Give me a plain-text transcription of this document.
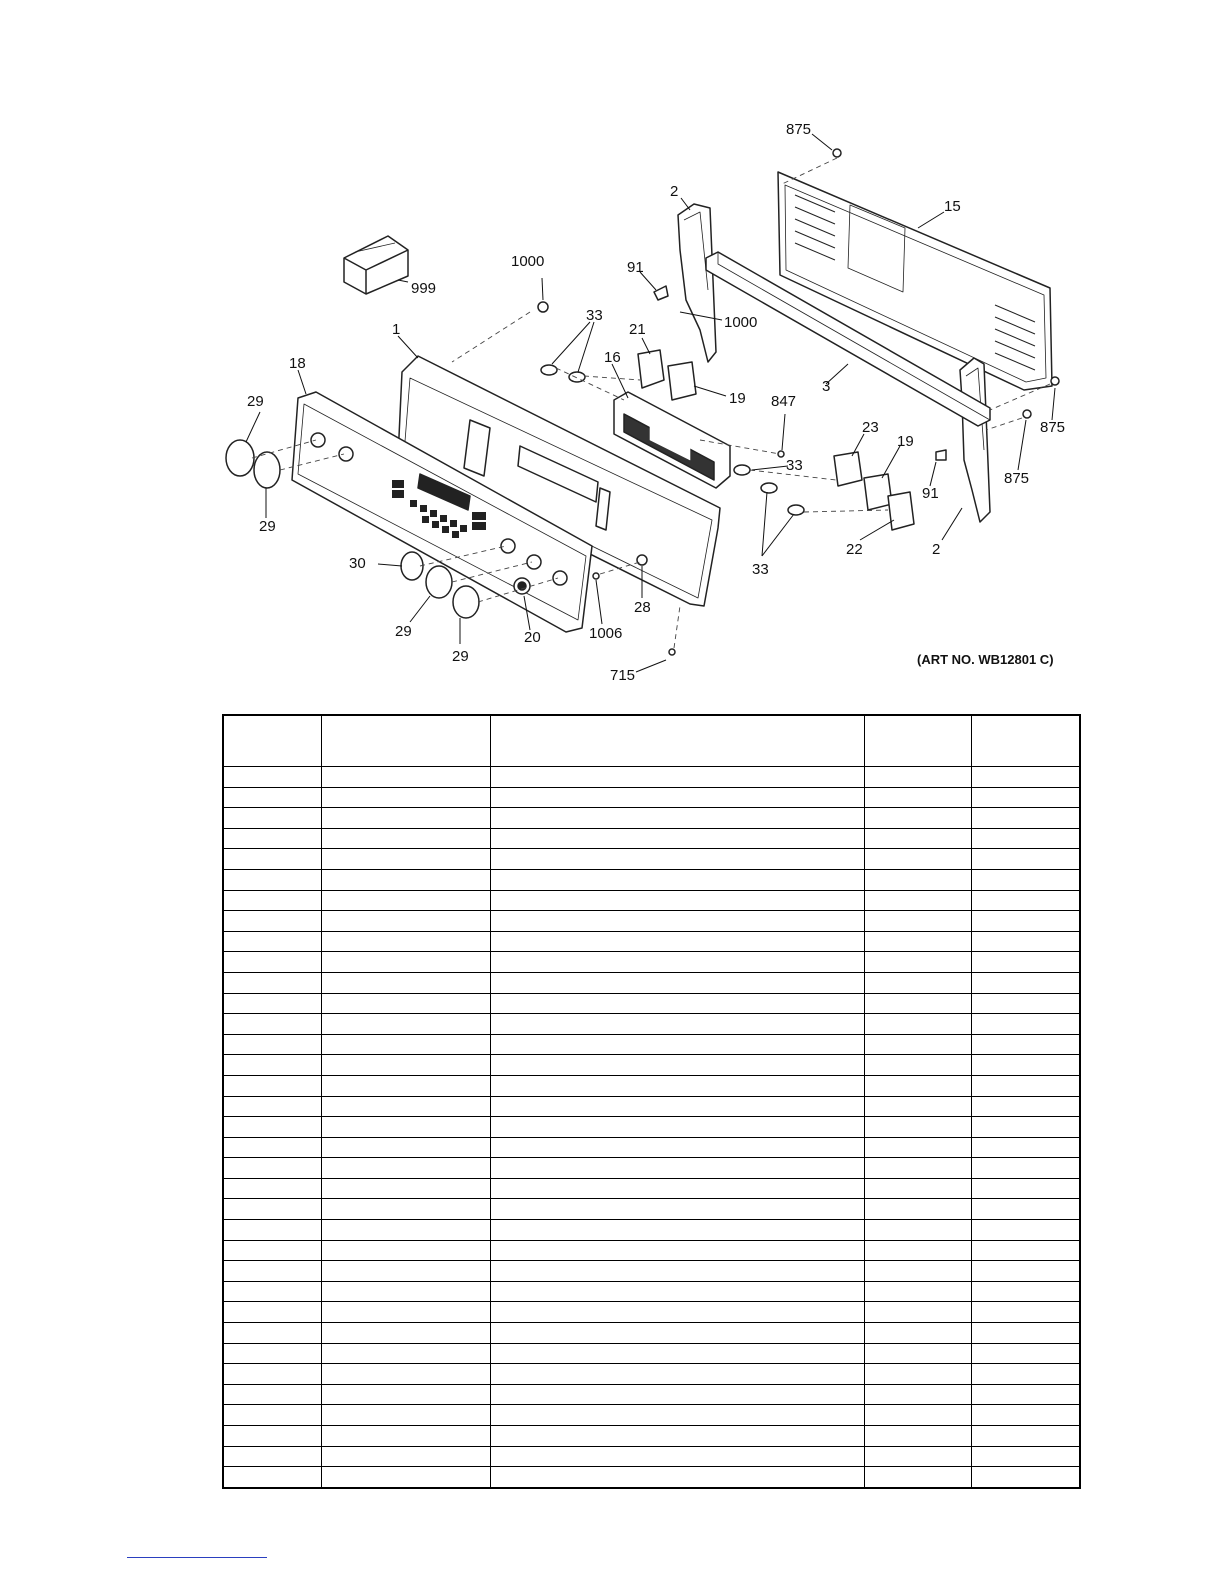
875
15
2
91
1000
1000
999
33
21
16
19
1
18
29
29
3
847
33
875
875
23
19
91
2
22
33
30
29
29
20	1006
28
715
(ART NO. WB12801 C)
